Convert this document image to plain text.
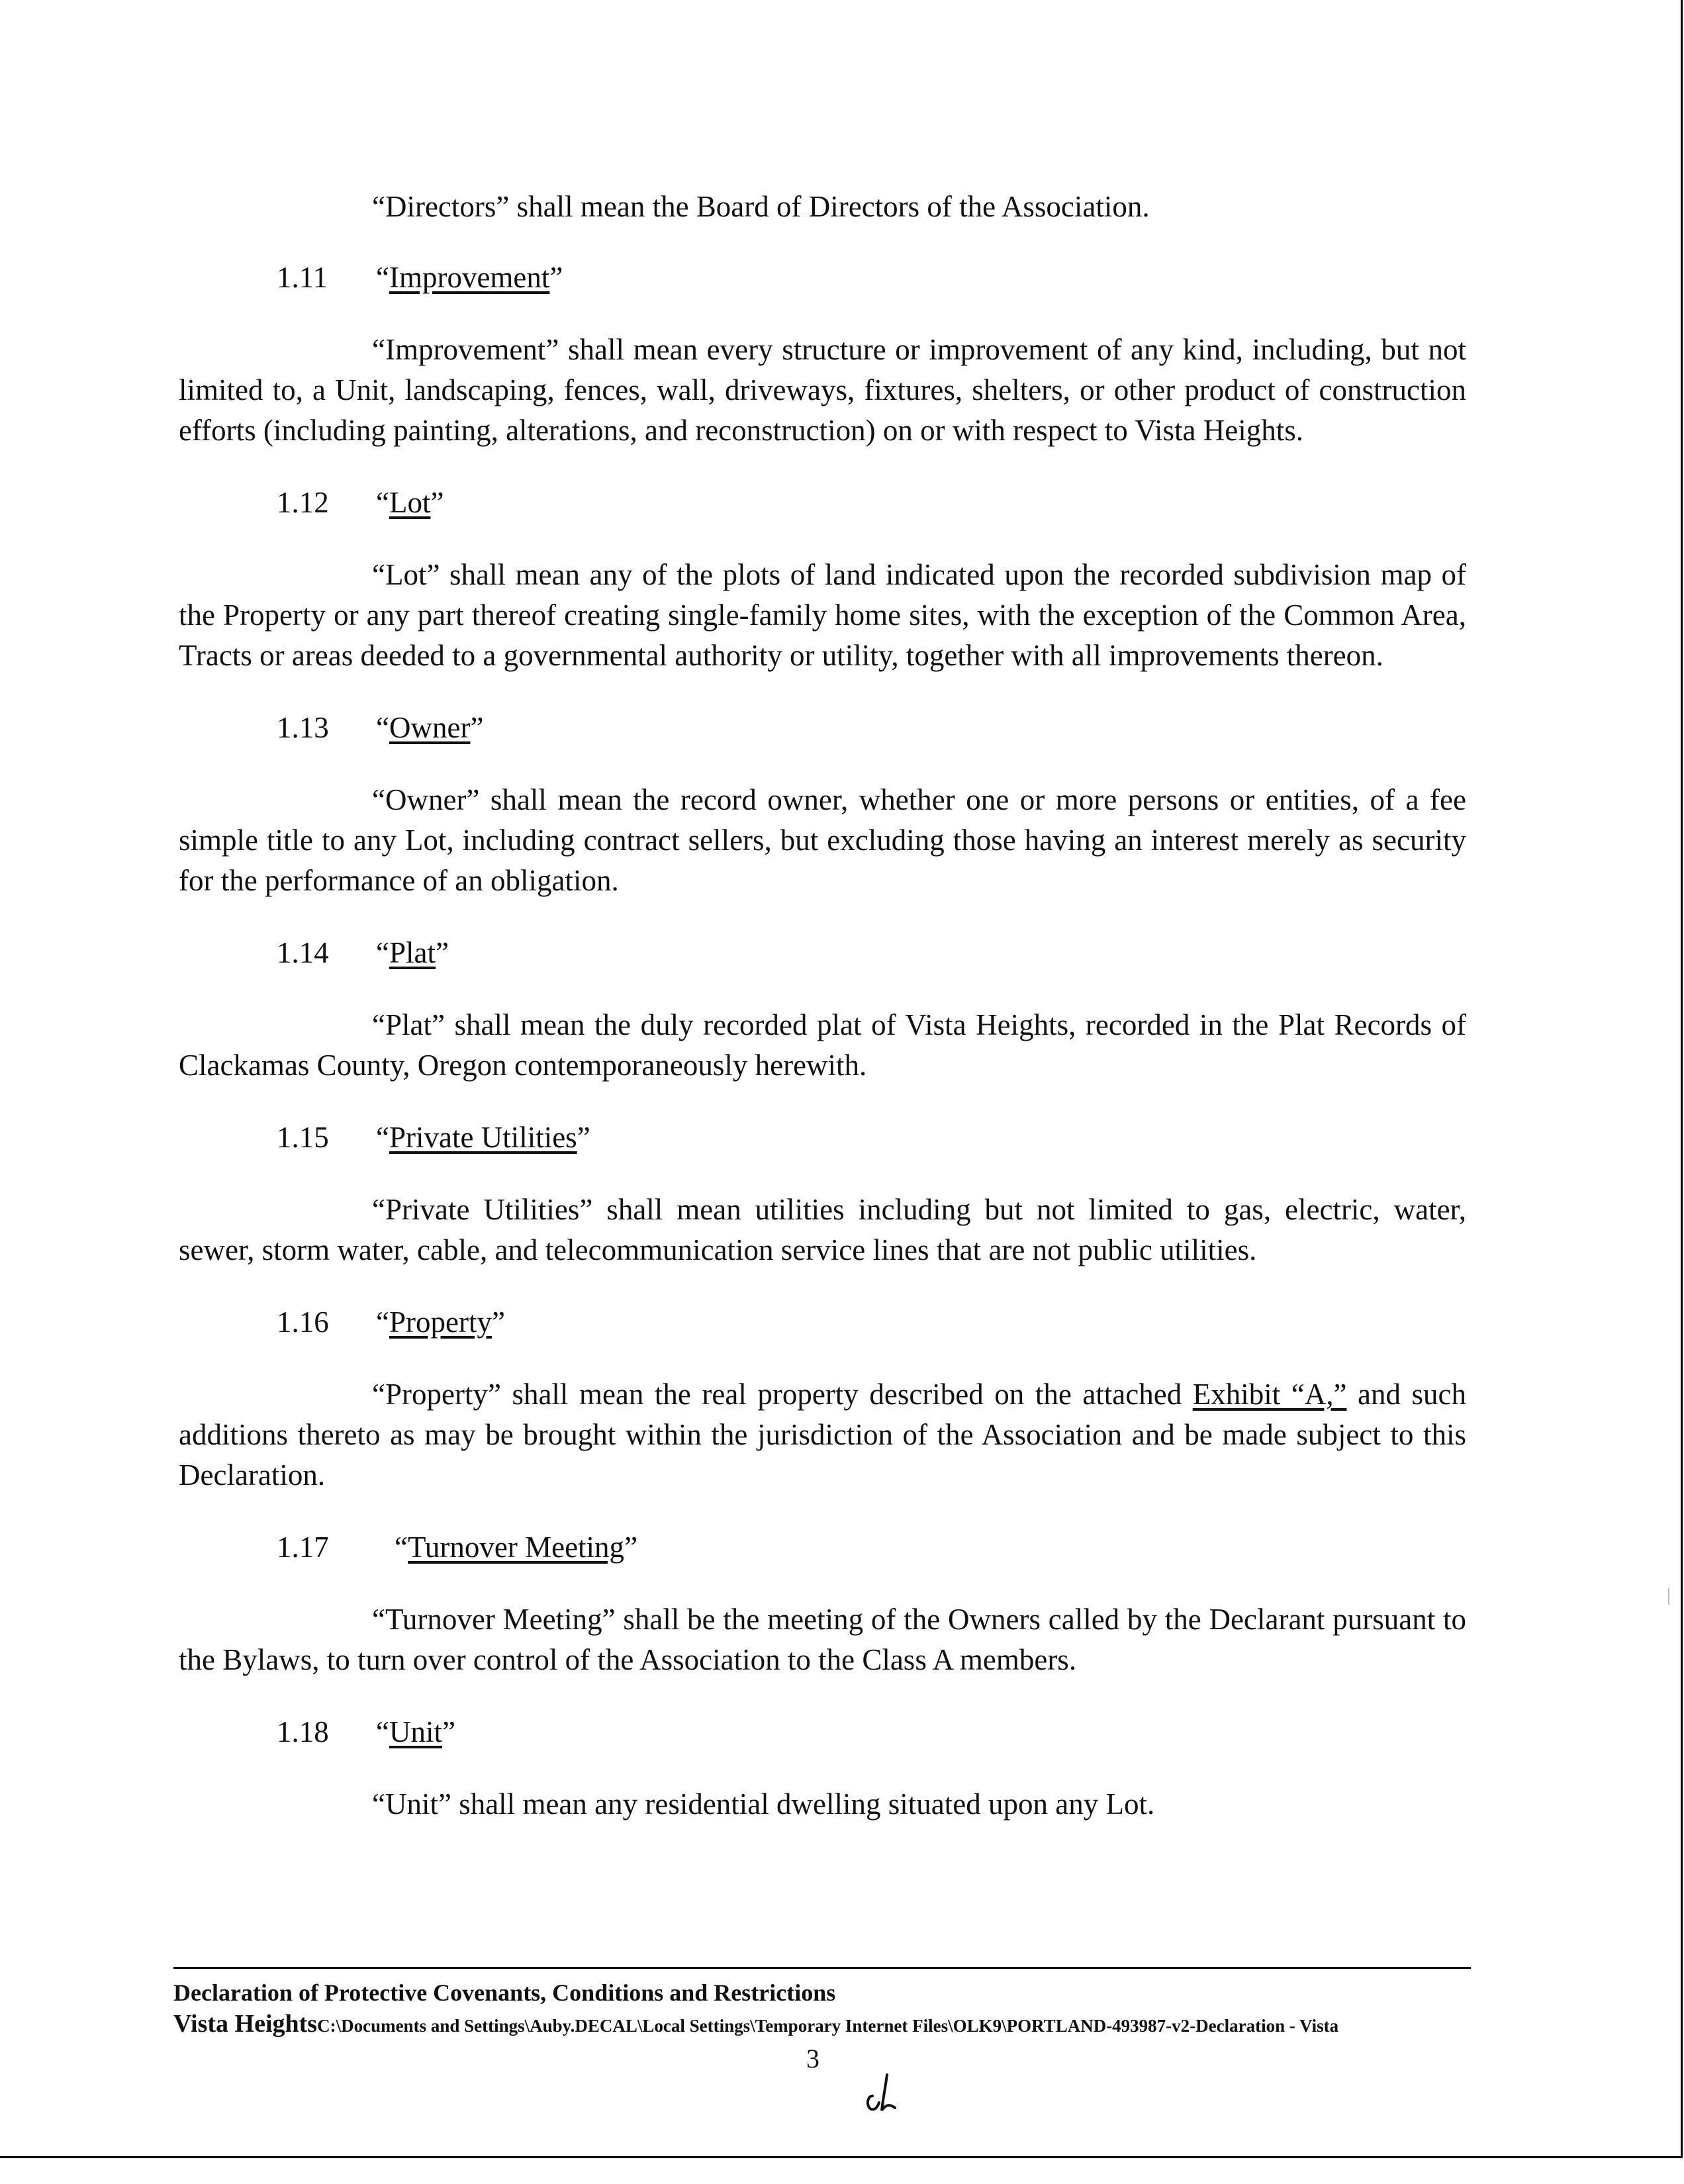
“Directors” shall mean the Board of Directors of the Association.

1.11 “Improvement”

“Improvement” shall mean every structure or improvement of any kind, including, but not limited to, a Unit, landscaping, fences, wall, driveways, fixtures, shelters, or other product of construction efforts (including painting, alterations, and reconstruction) on or with respect to Vista Heights.

1.12 “Lot”

“Lot” shall mean any of the plots of land indicated upon the recorded subdivision map of the Property or any part thereof creating single-family home sites, with the exception of the Common Area, Tracts or areas deeded to a governmental authority or utility, together with all improvements thereon.

1.13 “Owner”

“Owner” shall mean the record owner, whether one or more persons or entities, of a fee simple title to any Lot, including contract sellers, but excluding those having an interest merely as security for the performance of an obligation.

1.14 “Plat”

“Plat” shall mean the duly recorded plat of Vista Heights, recorded in the Plat Records of Clackamas County, Oregon contemporaneously herewith.

1.15 “Private Utilities”

“Private Utilities” shall mean utilities including but not limited to gas, electric, water, sewer, storm water, cable, and telecommunication service lines that are not public utilities.

1.16 “Property”

“Property” shall mean the real property described on the attached Exhibit “A,” and such additions thereto as may be brought within the jurisdiction of the Association and be made subject to this Declaration.

1.17 “Turnover Meeting”

“Turnover Meeting” shall be the meeting of the Owners called by the Declarant pursuant to the Bylaws, to turn over control of the Association to the Class A members.

1.18 “Unit”

“Unit” shall mean any residential dwelling situated upon any Lot.

Declaration of Protective Covenants, Conditions and Restrictions
Vista HeightsC:\Documents and Settings\Auby.DECAL\Local Settings\Temporary Internet Files\OLK9\PORTLAND-493987-v2-Declaration - Vista
3
